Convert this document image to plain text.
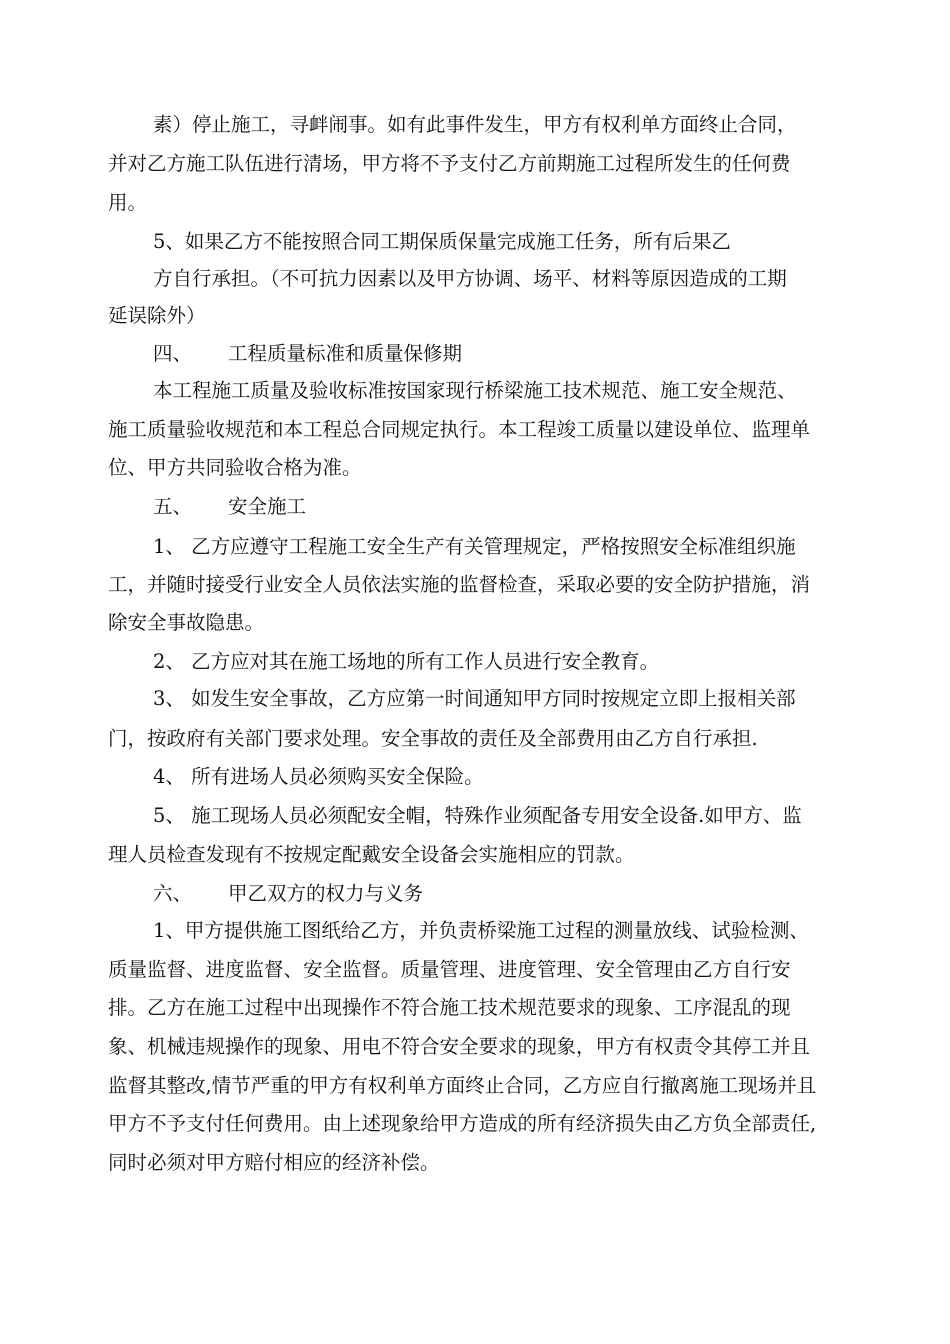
素）停止施工，寻衅闹事。如有此事件发生，甲方有权利单方面终止合同，

并对乙方施工队伍进行清场，甲方将不予支付乙方前期施工过程所发生的任何费

用。

5、如果乙方不能按照合同工期保质保量完成施工任务，所有后果乙

方自行承担。（不可抗力因素以及甲方协调、场平、材料等原因造成的工期

延误除外）

四、 工程质量标准和质量保修期

本工程施工质量及验收标准按国家现行桥梁施工技术规范、施工安全规范、

施工质量验收规范和本工程总合同规定执行。本工程竣工质量以建设单位、监理单

位、甲方共同验收合格为准。

五、 安全施工

1、 乙方应遵守工程施工安全生产有关管理规定，严格按照安全标准组织施

工，并随时接受行业安全人员依法实施的监督检查，采取必要的安全防护措施，消

除安全事故隐患。

2、 乙方应对其在施工场地的所有工作人员进行安全教育。

3、 如发生安全事故，乙方应第一时间通知甲方同时按规定立即上报相关部

门，按政府有关部门要求处理。安全事故的责任及全部费用由乙方自行承担.

4、 所有进场人员必须购买安全保险。

5、 施工现场人员必须配安全帽，特殊作业须配备专用安全设备.如甲方、监

理人员检查发现有不按规定配戴安全设备会实施相应的罚款。

六、 甲乙双方的权力与义务

1、甲方提供施工图纸给乙方，并负责桥梁施工过程的测量放线、试验检测、

质量监督、进度监督、安全监督。质量管理、进度管理、安全管理由乙方自行安

排。乙方在施工过程中出现操作不符合施工技术规范要求的现象、工序混乱的现

象、机械违规操作的现象、用电不符合安全要求的现象，甲方有权责令其停工并且

监督其整改,情节严重的甲方有权利单方面终止合同，乙方应自行撤离施工现场并且

甲方不予支付任何费用。由上述现象给甲方造成的所有经济损失由乙方负全部责任,

同时必须对甲方赔付相应的经济补偿。
